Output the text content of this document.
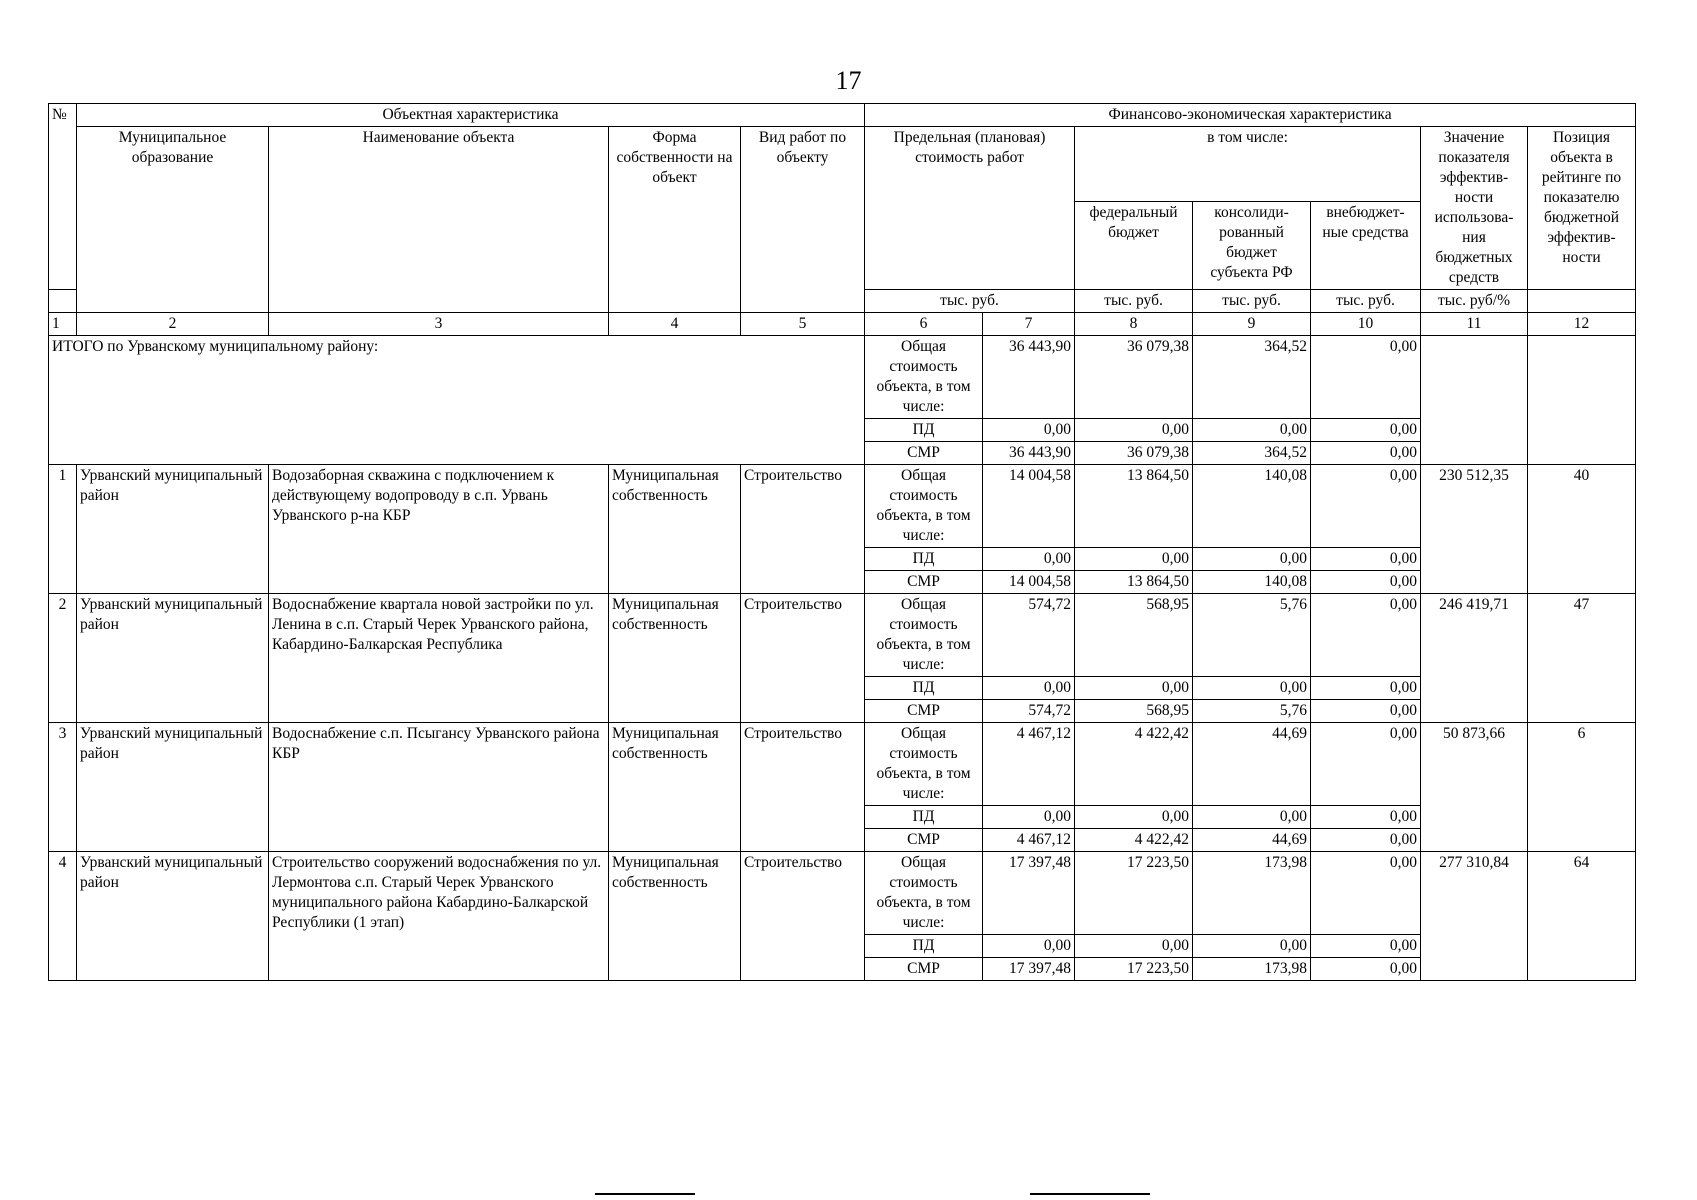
17
№	Объектная характеристика				Финансово-экономическая характеристика						
	Муниципальное образование	Наименование объекта	Форма собственности на объект	Вид работ по объекту	Предельная (плановая) стоимость работ		в том числе:			Значение показателя эффектив-ности использова-ния бюджетных средств	Позиция объекта в рейтинге по показателю бюджетной эффектив-ности
							федеральный бюджет	консолиди-рованный бюджет субъекта РФ	внебюджет-ные средства		
					тыс. руб.		тыс. руб.	тыс. руб.	тыс. руб.	тыс. руб/%	
1	2	3	4	5	6	7	8	9	10	11	12
ИТОГО по Урванскому муниципальному району:					Общая стоимость объекта, в том числе:	36 443,90	36 079,38	364,52	0,00		
					ПД	0,00	0,00	0,00	0,00		
					СМР	36 443,90	36 079,38	364,52	0,00		
1	Урванский муниципальный район	Водозаборная скважина с подключением к действующему водопроводу в с.п. Урвань Урванского р-на КБР	Муниципальная собственность	Строительство	Общая стоимость объекта, в том числе:	14 004,58	13 864,50	140,08	0,00	230 512,35	40
					ПД	0,00	0,00	0,00	0,00		
					СМР	14 004,58	13 864,50	140,08	0,00		
2	Урванский муниципальный район	Водоснабжение квартала новой застройки по ул. Ленина в с.п. Старый Черек Урванского района, Кабардино-Балкарская Республика	Муниципальная собственность	Строительство	Общая стоимость объекта, в том числе:	574,72	568,95	5,76	0,00	246 419,71	47
					ПД	0,00	0,00	0,00	0,00		
					СМР	574,72	568,95	5,76	0,00		
3	Урванский муниципальный район	Водоснабжение с.п. Псыгансу Урванского района КБР	Муниципальная собственность	Строительство	Общая стоимость объекта, в том числе:	4 467,12	4 422,42	44,69	0,00	50 873,66	6
					ПД	0,00	0,00	0,00	0,00		
					СМР	4 467,12	4 422,42	44,69	0,00		
4	Урванский муниципальный район	Строительство сооружений водоснабжения по ул. Лермонтова с.п. Старый Черек Урванского муниципального района Кабардино-Балкарской Республики (1 этап)	Муниципальная собственность	Строительство	Общая стоимость объекта, в том числе:	17 397,48	17 223,50	173,98	0,00	277 310,84	64
					ПД	0,00	0,00	0,00	0,00		
					СМР	17 397,48	17 223,50	173,98	0,00		
